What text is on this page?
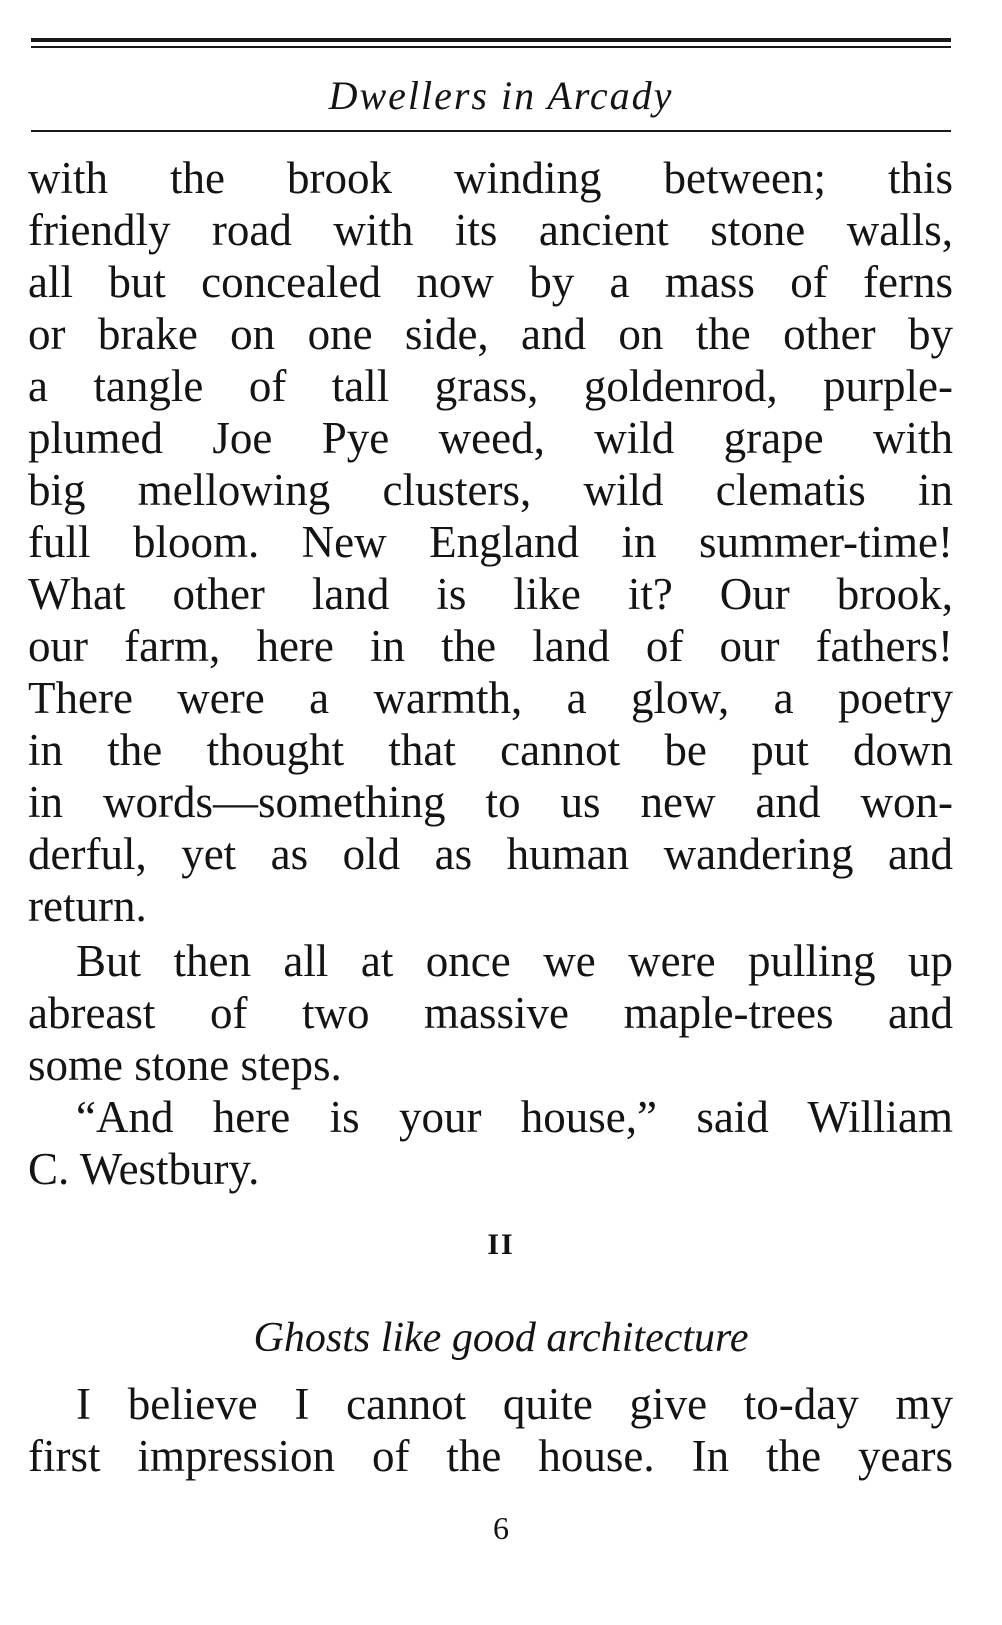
Dwellers in Arcady
with the brook winding between; this
friendly road with its ancient stone walls,
all but concealed now by a mass of ferns
or brake on one side, and on the other by
a tangle of tall grass, goldenrod, purple-
plumed Joe Pye weed, wild grape with
big mellowing clusters, wild clematis in
full bloom. New England in summer-time!
What other land is like it? Our brook,
our farm, here in the land of our fathers!
There were a warmth, a glow, a poetry
in the thought that cannot be put down
in words—something to us new and won-
derful, yet as old as human wandering and
return.
But then all at once we were pulling up
abreast of two massive maple-trees and
some stone steps.
“And here is your house,” said William
C. Westbury.
II
Ghosts like good architecture
I believe I cannot quite give to-day my
first impression of the house. In the years
6
